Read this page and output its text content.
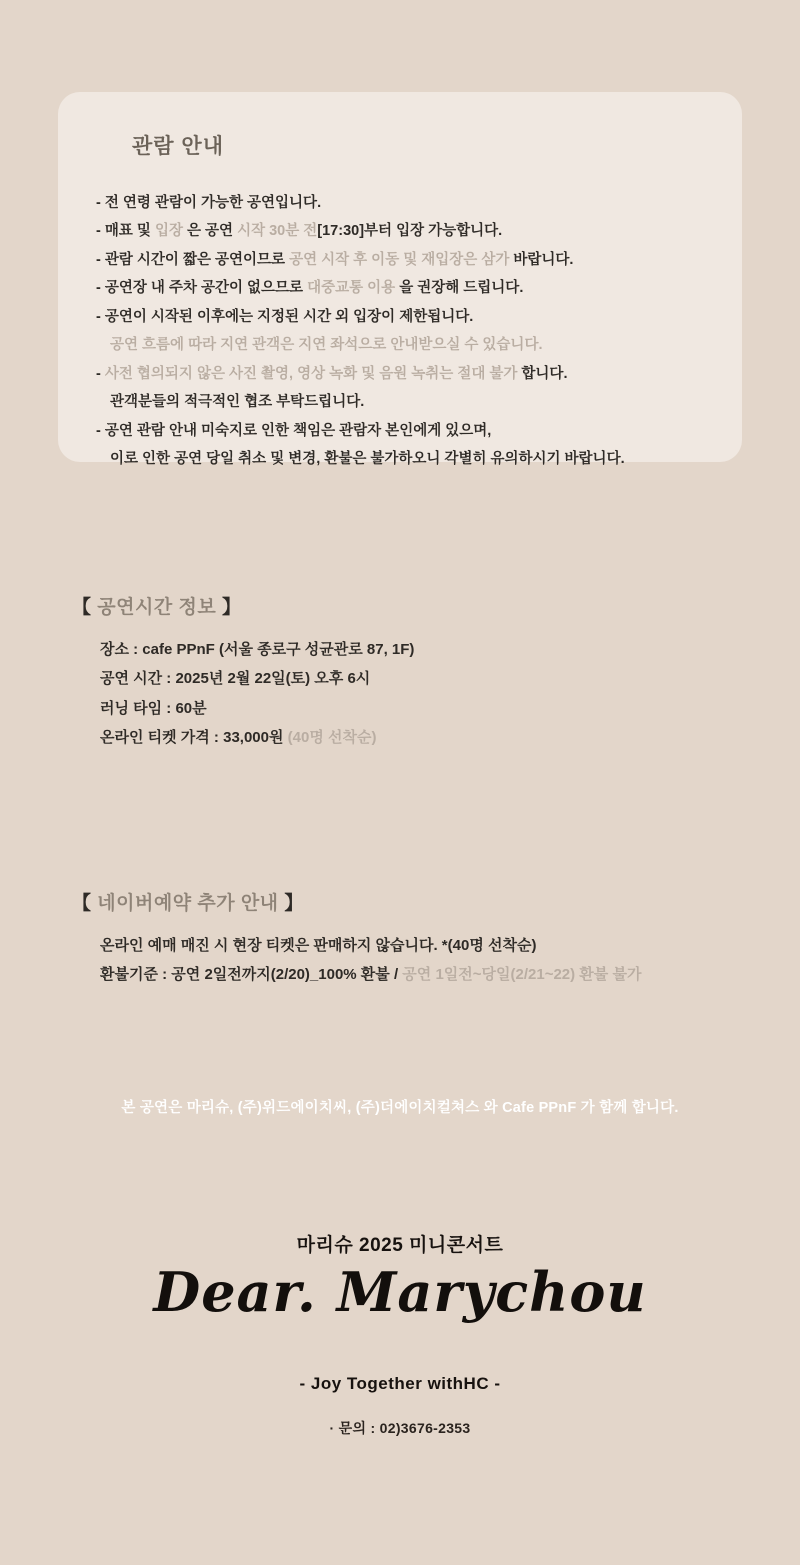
관람 안내
- 전 연령 관람이 가능한 공연입니다.
- 매표 및 입장 은 공연 시작 30분 전[17:30]부터 입장 가능합니다.
- 관람 시간이 짧은 공연이므로 공연 시작 후 이동 및 재입장은 삼가 바랍니다.
- 공연장 내 주차 공간이 없으므로 대중교통 이용 을 권장해 드립니다.
- 공연이 시작된 이후에는 지정된 시간 외 입장이 제한됩니다.
공연 흐름에 따라 지연 관객은 지연 좌석으로 안내받으실 수 있습니다.
- 사전 협의되지 않은 사진 촬영, 영상 녹화 및 음원 녹취는 절대 불가 합니다.
관객분들의 적극적인 협조 부탁드립니다.
- 공연 관람 안내 미숙지로 인한 책임은 관람자 본인에게 있으며,
이로 인한 공연 당일 취소 및 변경, 환불은 불가하오니 각별히 유의하시기 바랍니다.
【 공연시간 정보 】
장소 : cafe PPnF (서울 종로구 성균관로 87, 1F)
공연 시간 : 2025년 2월 22일(토) 오후 6시
러닝 타임 : 60분
온라인 티켓 가격 : 33,000원 (40명 선착순)
【 네이버예약 추가 안내 】
온라인 예매 매진 시 현장 티켓은 판매하지 않습니다. *(40명 선착순)
환불기준 : 공연 2일전까지(2/20)_100% 환불 / 공연 1일전~당일(2/21~22) 환불 불가
본 공연은 마리슈, (주)위드에이치씨, (주)더에이치컬쳐스 와 Cafe PPnF 가 함께 합니다.
마리슈 2025 미니콘서트
Dear. Marychou
- Joy Together withHC -
· 문의 : 02)3676-2353
